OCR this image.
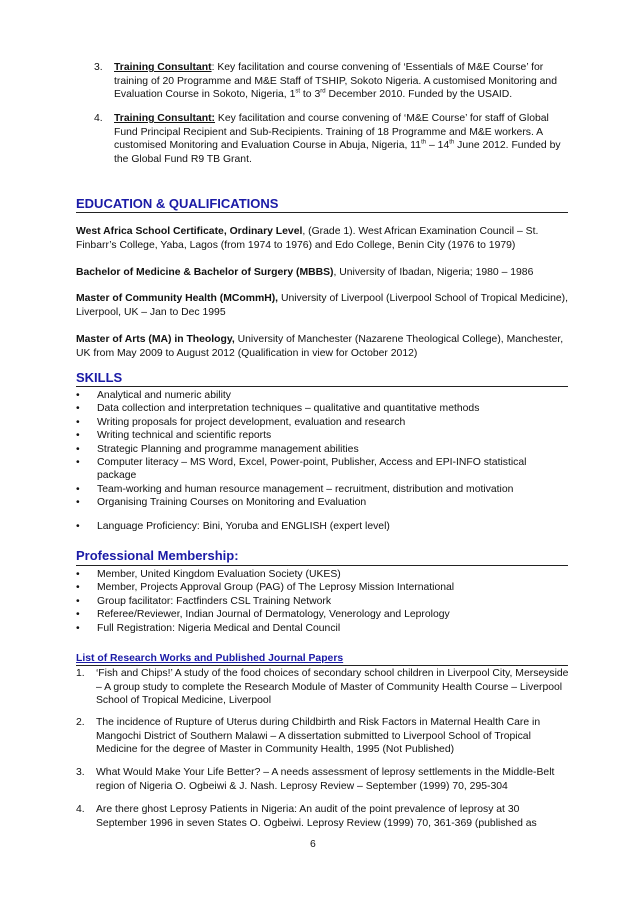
3. Training Consultant: Key facilitation and course convening of ‘Essentials of M&E Course’ for training of 20 Programme and M&E Staff of TSHIP, Sokoto Nigeria. A customised Monitoring and Evaluation Course in Sokoto, Nigeria, 1st to 3rd December 2010. Funded by the USAID.
4. Training Consultant: Key facilitation and course convening of ‘M&E Course’ for staff of Global Fund Principal Recipient and Sub-Recipients. Training of 18 Programme and M&E workers. A customised Monitoring and Evaluation Course in Abuja, Nigeria, 11th – 14th June 2012. Funded by the Global Fund R9 TB Grant.
EDUCATION & QUALIFICATIONS
West Africa School Certificate, Ordinary Level, (Grade 1). West African Examination Council – St. Finbarr’s College, Yaba, Lagos (from 1974 to 1976) and Edo College, Benin City (1976 to 1979)
Bachelor of Medicine & Bachelor of Surgery (MBBS), University of Ibadan, Nigeria; 1980 – 1986
Master of Community Health (MCommH), University of Liverpool (Liverpool School of Tropical Medicine), Liverpool, UK – Jan to Dec 1995
Master of Arts (MA) in Theology, University of Manchester (Nazarene Theological College), Manchester, UK from May 2009 to August 2012 (Qualification in view for October 2012)
SKILLS
• Analytical and numeric ability
• Data collection and interpretation techniques – qualitative and quantitative methods
• Writing proposals for project development, evaluation and research
• Writing technical and scientific reports
• Strategic Planning and programme management abilities
• Computer literacy – MS Word, Excel, Power-point, Publisher, Access and EPI-INFO statistical package
• Team-working and human resource management – recruitment, distribution and motivation
• Organising Training Courses on Monitoring and Evaluation
• Language Proficiency: Bini, Yoruba and ENGLISH (expert level)
Professional Membership:
• Member, United Kingdom Evaluation Society (UKES)
• Member, Projects Approval Group (PAG) of The Leprosy Mission International
• Group facilitator: Factfinders CSL Training Network
• Referee/Reviewer, Indian Journal of Dermatology, Venerology and Leprology
• Full Registration: Nigeria Medical and Dental Council
List of Research Works and Published Journal Papers
1. ‘Fish and Chips!’ A study of the food choices of secondary school children in Liverpool City, Merseyside – A group study to complete the Research Module of Master of Community Health Course – Liverpool School of Tropical Medicine, Liverpool
2. The incidence of Rupture of Uterus during Childbirth and Risk Factors in Maternal Health Care in Mangochi District of Southern Malawi – A dissertation submitted to Liverpool School of Tropical Medicine for the degree of Master in Community Health, 1995 (Not Published)
3. What Would Make Your Life Better? – A needs assessment of leprosy settlements in the Middle-Belt region of Nigeria O. Ogbeiwi & J. Nash. Leprosy Review – September (1999) 70, 295-304
4. Are there ghost Leprosy Patients in Nigeria: An audit of the point prevalence of leprosy at 30 September 1996 in seven States O. Ogbeiwi. Leprosy Review (1999) 70, 361-369 (published as
6
